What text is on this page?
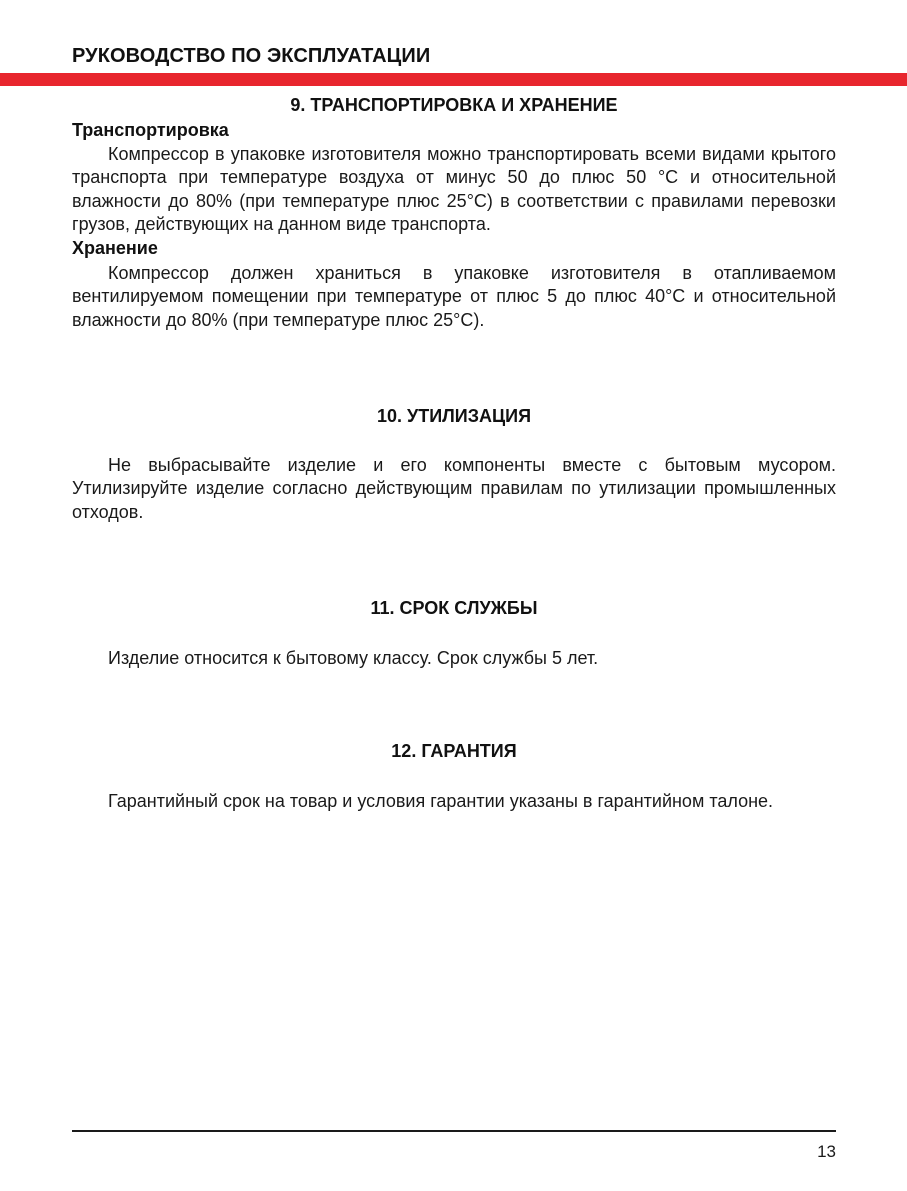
РУКОВОДСТВО ПО ЭКСПЛУАТАЦИИ
9. ТРАНСПОРТИРОВКА И ХРАНЕНИЕ
Транспортировка

Компрессор в упаковке изготовителя можно транспортировать всеми видами крытого транспорта при температуре воздуха от минус 50 до плюс 50 °С и относительной влажности до 80% (при температуре плюс 25°С) в соответствии с правилами перевозки грузов, действующих на данном виде транспорта.

Хранение

Компрессор должен храниться в упаковке изготовителя в отапливаемом вентилируемом помещении при температуре от плюс 5 до плюс 40°С и относительной влажности до 80% (при температуре плюс 25°С).

10. УТИЛИЗАЦИЯ

Не выбрасывайте изделие и его компоненты вместе с бытовым мусором. Утилизируйте изделие согласно действующим правилам по утилизации промышленных отходов.

11. СРОК СЛУЖБЫ

Изделие относится к бытовому классу. Срок службы 5 лет.

12. ГАРАНТИЯ

Гарантийный срок на товар и условия гарантии указаны в гарантийном талоне.

13
